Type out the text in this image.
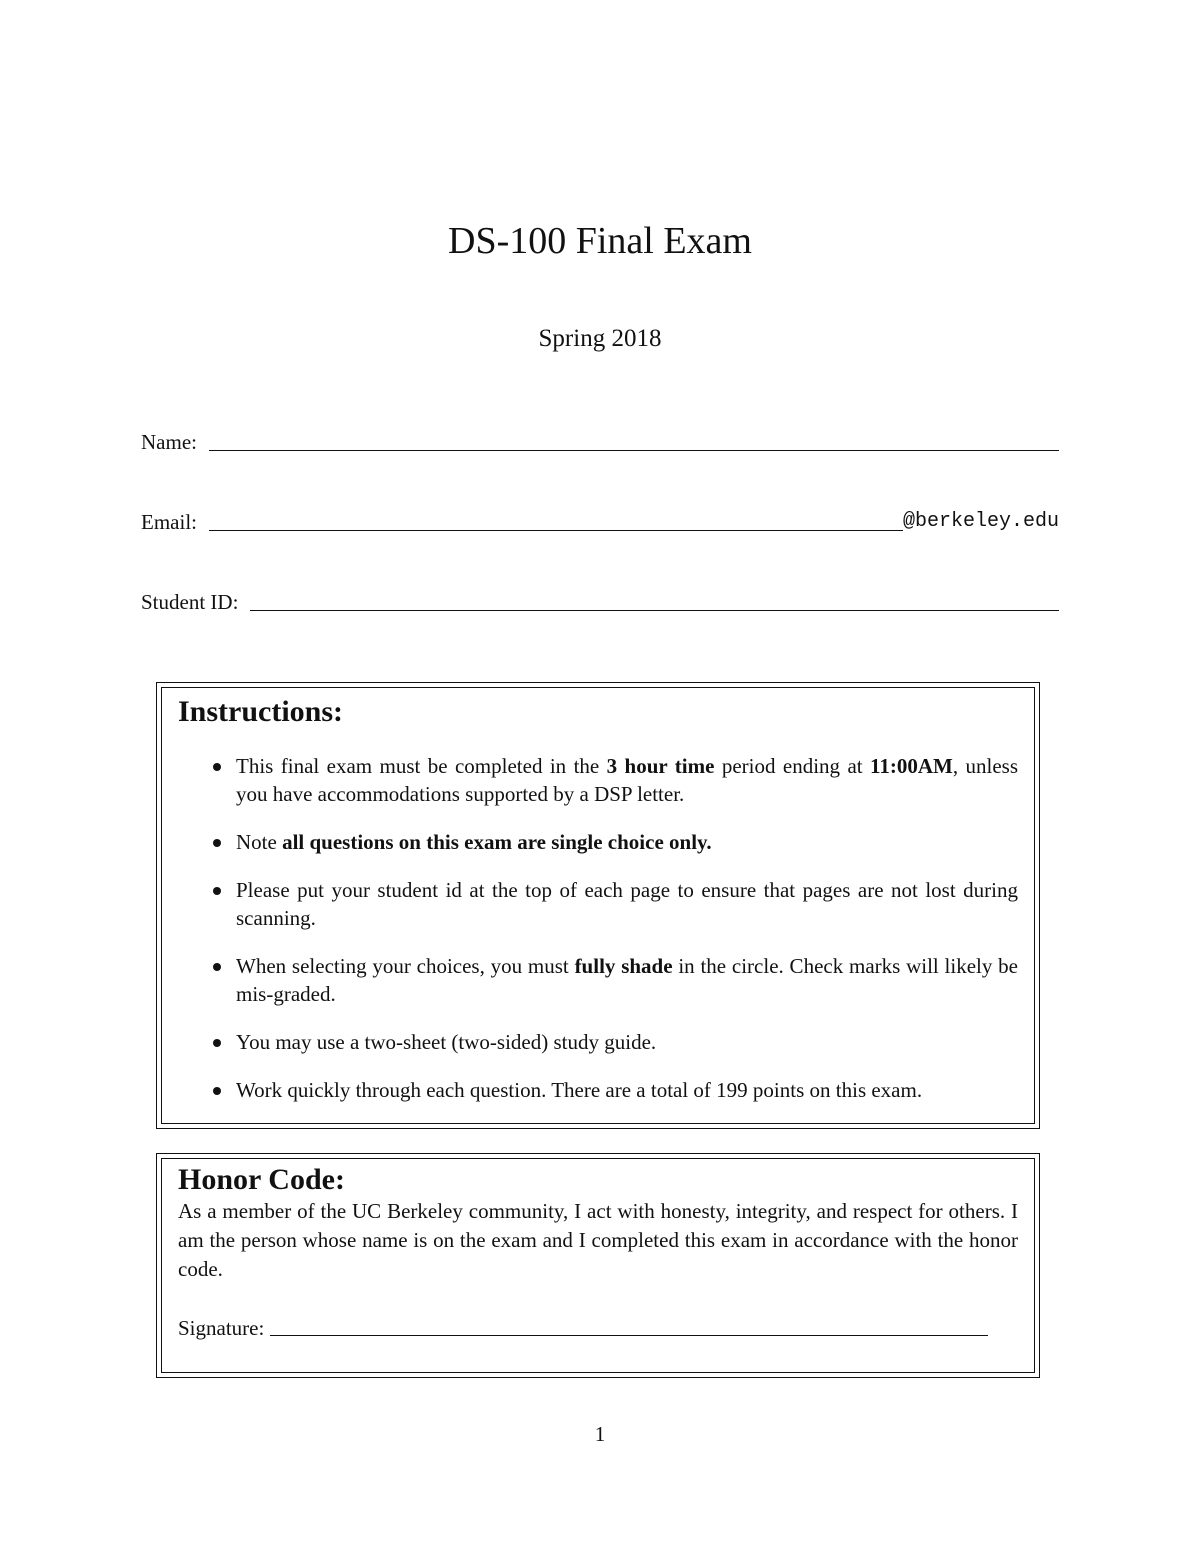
DS-100 Final Exam
Spring 2018
Name:
Email:	@berkeley.edu
Student ID:
Instructions:
This final exam must be completed in the 3 hour time period ending at 11:00AM, unless you have accommodations supported by a DSP letter.
Note all questions on this exam are single choice only.
Please put your student id at the top of each page to ensure that pages are not lost during scanning.
When selecting your choices, you must fully shade in the circle. Check marks will likely be mis-graded.
You may use a two-sheet (two-sided) study guide.
Work quickly through each question. There are a total of 199 points on this exam.
Honor Code:

As a member of the UC Berkeley community, I act with honesty, integrity, and respect for others. I am the person whose name is on the exam and I completed this exam in accordance with the honor code.

Signature:
1
